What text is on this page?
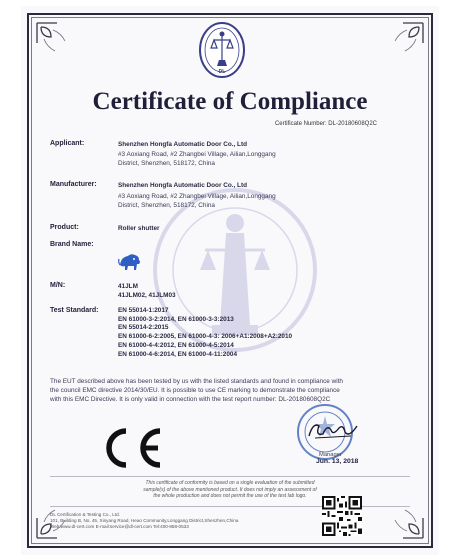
DL
Certificate of Compliance
Certificate Number: DL-20180608Q2C
Applicant:	Shenzhen Hongfa Automatic Door Co., Ltd
#3 Aoxiang Road, #2 Zhangbei Village, Ailian,Longgang
District, Shenzhen, 518172, China
Manufacturer:	Shenzhen Hongfa Automatic Door Co., Ltd
#3 Aoxiang Road, #2 Zhangbei Village, Ailian,Longgang
District, Shenzhen, 518172, China
Product:	Roller shutter
Brand Name:
M/N:	41JLM
41JLM02, 41JLM03
Test Standard:	EN 55014-1:2017
EN 61000-3-2:2014, EN 61000-3-3:2013
EN 55014-2:2015
EN 61000-6-2:2005, EN 61000-4-3: 2006+A1:2008+A2:2010
EN 61000-4-4:2012, EN 61000-4-5:2014
EN 61000-4-6:2014, EN 61000-4-11:2004
The EUT described above has been tested by us with the listed standards and found in compliance with
the council EMC directive 2014/30/EU. It is possible to use CE marking to demonstrate the compliance
with this EMC Directive. It is only valid in connection with the test report number: DL-20180608Q2C
Manager
Jun. 13, 2018
This certificate of conformity is based on a single evaluation of the submitted
sample(s) of the above mentioned product. It does not imply an assessment of
the whole production and does not permit the use of the test lab logo.
DL Certification & Testing Co., Ltd.
101, Building B, No. 45, Xinyang Road, Heao Community,Longgang District,Shenzhen,China
Web:www.dl-cert.com E-mail:service@dl-cert.com Tel:400-888-0533
